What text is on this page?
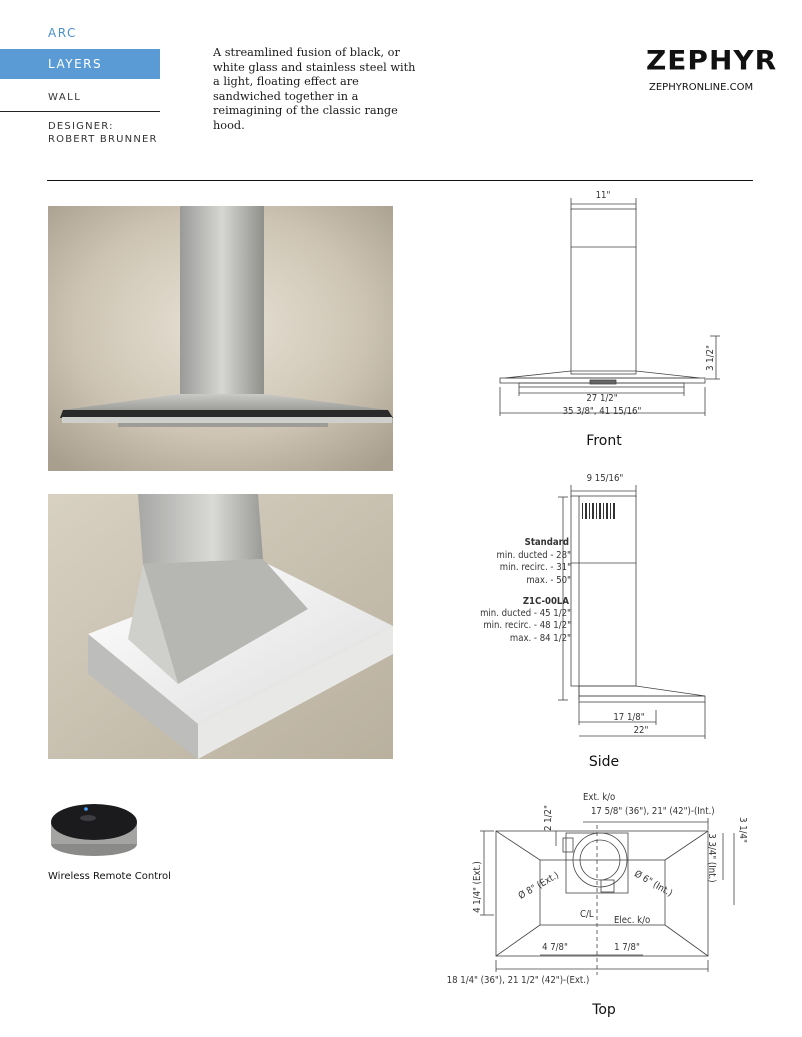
ARC
LAYERS
WALL
DESIGNER:
ROBERT BRUNNER
A streamlined fusion of black, or white glass and stainless steel with a light, floating effect are sandwiched together in a reimagining of the classic range hood.
ZEPHYR
ZEPHYRONLINE.COM
Wireless Remote Control
11"
3 1/2"
27 1/2"
35 3/8", 41 15/16"
Front
9 15/16"
Standard
min. ducted - 28"
min. recirc. - 31"
max. - 50"
Z1C-00LA
min. ducted - 45 1/2"
min. recirc. - 48 1/2"
max. - 84 1/2"
17 1/8"
22"
Side
Ext. k/o
17 5/8" (36"), 21" (42")-(Int.)
2 1/2"
4 1/4" (Ext.)	Ø 8" (Ext.)	Ø 6" (Int.)
3 3/4" (Int.)
3 1/4"
C/L
Elec. k/o
4 7/8"	1 7/8"
18 1/4" (36"), 21 1/2" (42")-(Ext.)
Top
